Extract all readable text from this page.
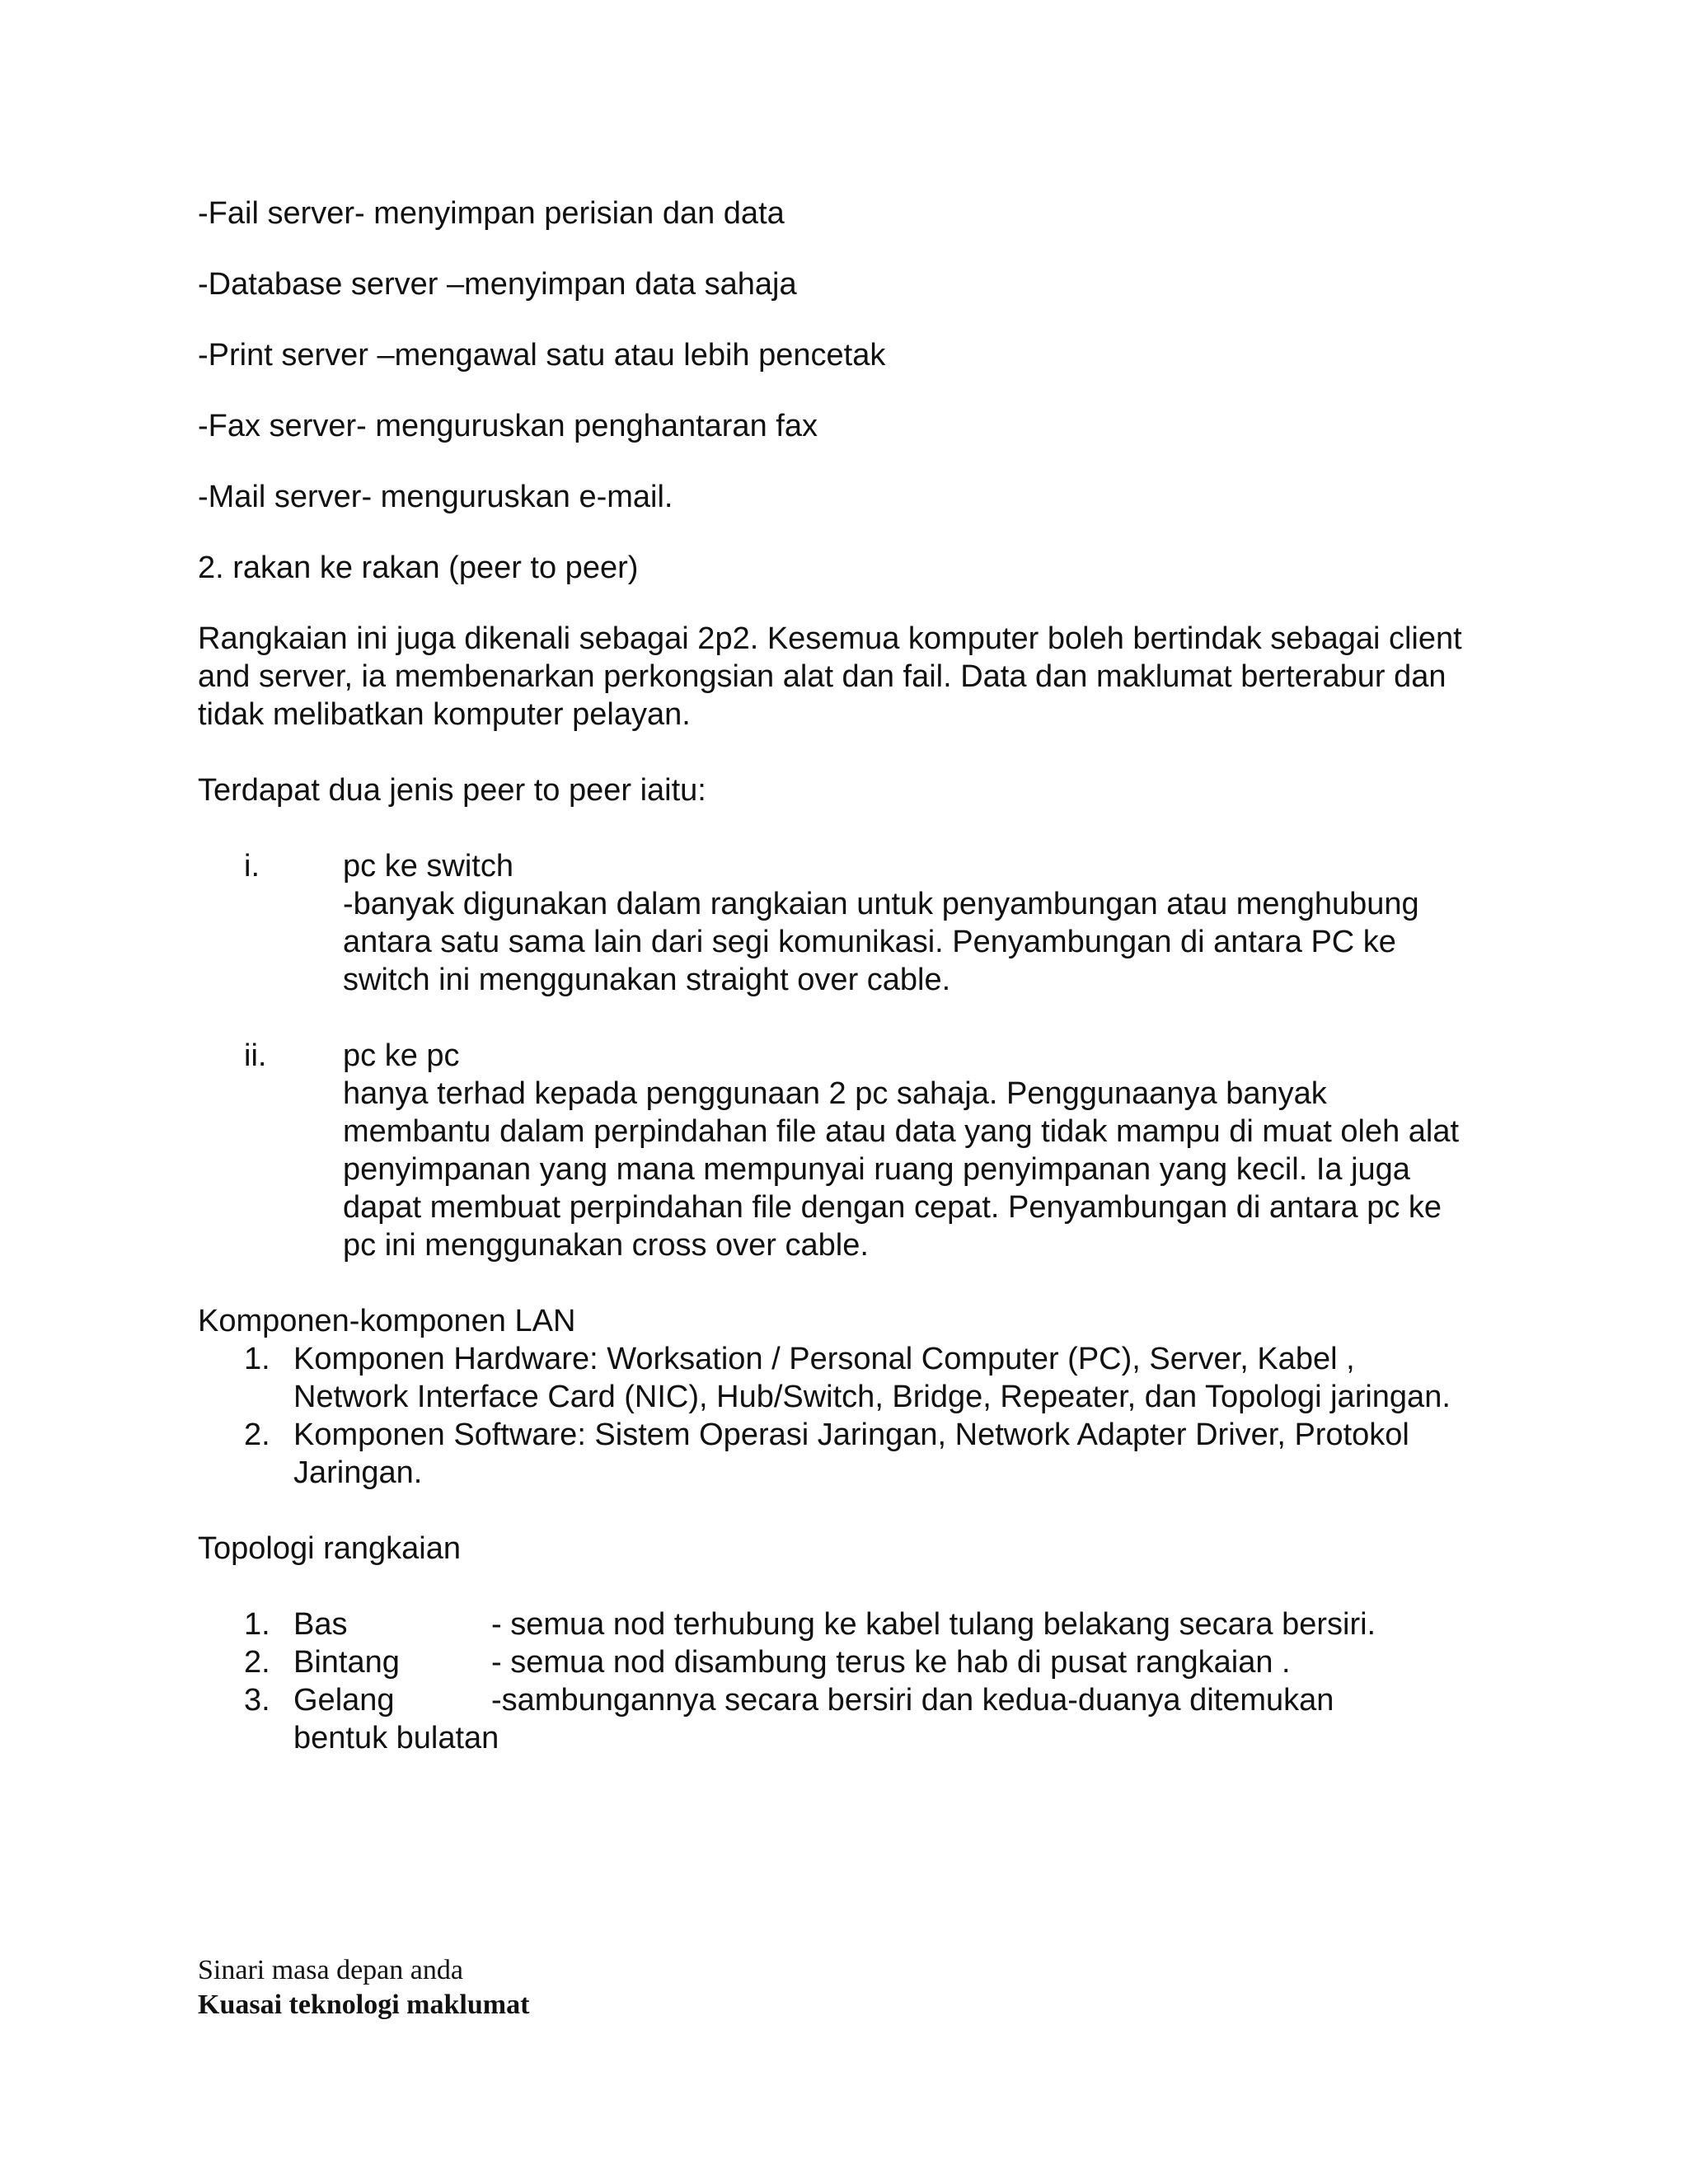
-Fail server- menyimpan perisian dan data

-Database server –menyimpan data sahaja

-Print server –mengawal satu atau lebih pencetak

-Fax server- menguruskan penghantaran fax

-Mail server- menguruskan e-mail.

2. rakan ke rakan (peer to peer)

Rangkaian ini juga dikenali sebagai 2p2. Kesemua komputer boleh bertindak sebagai client and server, ia membenarkan perkongsian alat dan fail. Data dan maklumat berterabur dan tidak melibatkan komputer pelayan.

Terdapat dua jenis peer to peer iaitu:

i.	pc ke switch
-banyak digunakan dalam rangkaian untuk penyambungan atau menghubung antara satu sama lain dari segi komunikasi. Penyambungan di antara PC ke switch ini menggunakan straight over cable.
ii.	pc ke pc
hanya terhad kepada penggunaan 2 pc sahaja. Penggunaanya banyak membantu dalam perpindahan file atau data yang tidak mampu di muat oleh alat penyimpanan yang mana mempunyai ruang penyimpanan yang kecil. Ia juga dapat membuat perpindahan file dengan cepat. Penyambungan di antara pc ke pc ini menggunakan cross over cable.

Komponen-komponen LAN

1. Komponen Hardware: Worksation / Personal Computer (PC), Server, Kabel , Network Interface Card (NIC), Hub/Switch, Bridge, Repeater, dan Topologi jaringan.
2. Komponen Software: Sistem Operasi Jaringan, Network Adapter Driver, Protokol Jaringan.

Topologi rangkaian

1. Bas	- semua nod terhubung ke kabel tulang belakang secara bersiri.
2. Bintang	- semua nod disambung terus ke hab di pusat rangkaian .
3. Gelang	-sambungannya secara bersiri dan kedua-duanya ditemukan
bentuk bulatan
Sinari masa depan anda
Kuasai teknologi maklumat
